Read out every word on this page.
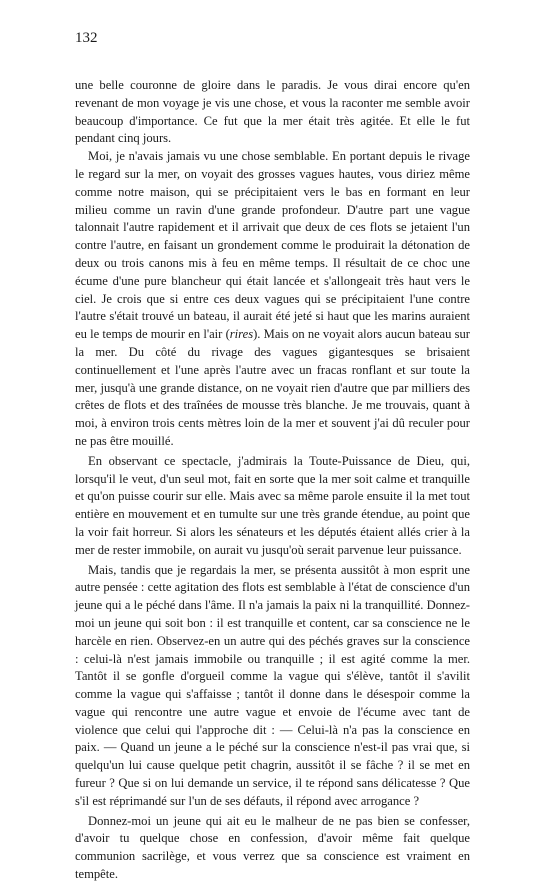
132

une belle couronne de gloire dans le paradis. Je vous dirai encore qu'en revenant de mon voyage je vis une chose, et vous la raconter me semble avoir beaucoup d'importance. Ce fut que la mer était très agitée. Et elle le fut pendant cinq jours.

Moi, je n'avais jamais vu une chose semblable. En portant depuis le rivage le regard sur la mer, on voyait des grosses vagues hautes, vous diriez même comme notre maison, qui se précipitaient vers le bas en formant en leur milieu comme un ravin d'une grande profondeur. D'autre part une vague talonnait l'autre rapidement et il arrivait que deux de ces flots se jetaient l'un contre l'autre, en faisant un grondement comme le produirait la détonation de deux ou trois canons mis à feu en même temps. Il résultait de ce choc une écume d'une pure blancheur qui était lancée et s'allongeait très haut vers le ciel. Je crois que si entre ces deux vagues qui se précipitaient l'une contre l'autre s'était trouvé un bateau, il aurait été jeté si haut que les marins auraient eu le temps de mourir en l'air (rires). Mais on ne voyait alors aucun bateau sur la mer. Du côté du rivage des vagues gigantesques se brisaient continuellement et l'une après l'autre avec un fracas ronflant et sur toute la mer, jusqu'à une grande distance, on ne voyait rien d'autre que par milliers des crêtes de flots et des traînées de mousse très blanche. Je me trouvais, quant à moi, à environ trois cents mètres loin de la mer et souvent j'ai dû reculer pour ne pas être mouillé.

En observant ce spectacle, j'admirais la Toute-Puissance de Dieu, qui, lorsqu'il le veut, d'un seul mot, fait en sorte que la mer soit calme et tranquille et qu'on puisse courir sur elle. Mais avec sa même parole ensuite il la met tout entière en mouvement et en tumulte sur une très grande étendue, au point que la voir fait horreur. Si alors les sénateurs et les députés étaient allés crier à la mer de rester immobile, on aurait vu jusqu'où serait parvenue leur puissance.

Mais, tandis que je regardais la mer, se présenta aussitôt à mon esprit une autre pensée : cette agitation des flots est semblable à l'état de conscience d'un jeune qui a le péché dans l'âme. Il n'a jamais la paix ni la tranquillité. Donnez-moi un jeune qui soit bon : il est tranquille et content, car sa conscience ne le harcèle en rien. Observez-en un autre qui des péchés graves sur la conscience : celui-là n'est jamais immobile ou tranquille ; il est agité comme la mer. Tantôt il se gonfle d'orgueil comme la vague qui s'élève, tantôt il s'avilit comme la vague qui s'affaisse ; tantôt il donne dans le désespoir comme la vague qui rencontre une autre vague et envoie de l'écume avec tant de violence que celui qui l'approche dit : — Celui-là n'a pas la conscience en paix. — Quand un jeune a le péché sur la conscience n'est-il pas vrai que, si quelqu'un lui cause quelque petit chagrin, aussitôt il se fâche ? il se met en fureur ? Que si on lui demande un service, il te répond sans délicatesse ? Que s'il est réprimandé sur l'un de ses défauts, il répond avec arrogance ?

Donnez-moi un jeune qui ait eu le malheur de ne pas bien se confesser, d'avoir tu quelque chose en confession, d'avoir même fait quelque communion sacrilège, et vous verrez que sa conscience est vraiment en tempête.
